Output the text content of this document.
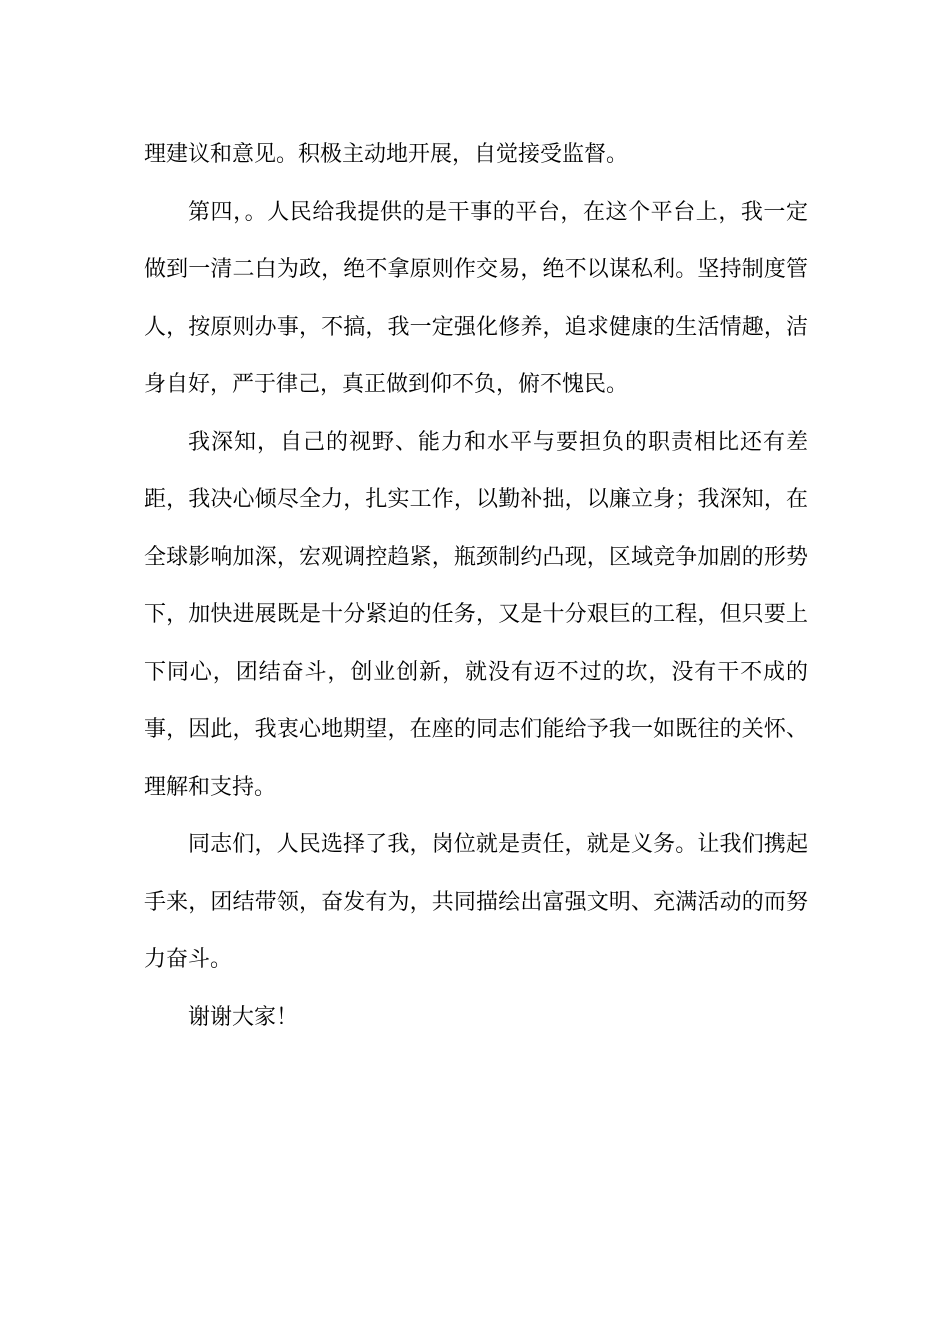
理建议和意见。积极主动地开展，自觉接受监督。

第四，。人民给我提供的是干事的平台，在这个平台上，我一定做到一清二白为政，绝不拿原则作交易，绝不以谋私利。坚持制度管人，按原则办事，不搞，我一定强化修养，追求健康的生活情趣，洁身自好，严于律己，真正做到仰不负，俯不愧民。

我深知，自己的视野、能力和水平与要担负的职责相比还有差距，我决心倾尽全力，扎实工作，以勤补拙，以廉立身；我深知，在全球影响加深，宏观调控趋紧，瓶颈制约凸现，区域竞争加剧的形势下，加快进展既是十分紧迫的任务，又是十分艰巨的工程，但只要上下同心，团结奋斗，创业创新，就没有迈不过的坎，没有干不成的事，因此，我衷心地期望，在座的同志们能给予我一如既往的关怀、理解和支持。

同志们，人民选择了我，岗位就是责任，就是义务。让我们携起手来，团结带领，奋发有为，共同描绘出富强文明、充满活动的而努力奋斗。

谢谢大家！
